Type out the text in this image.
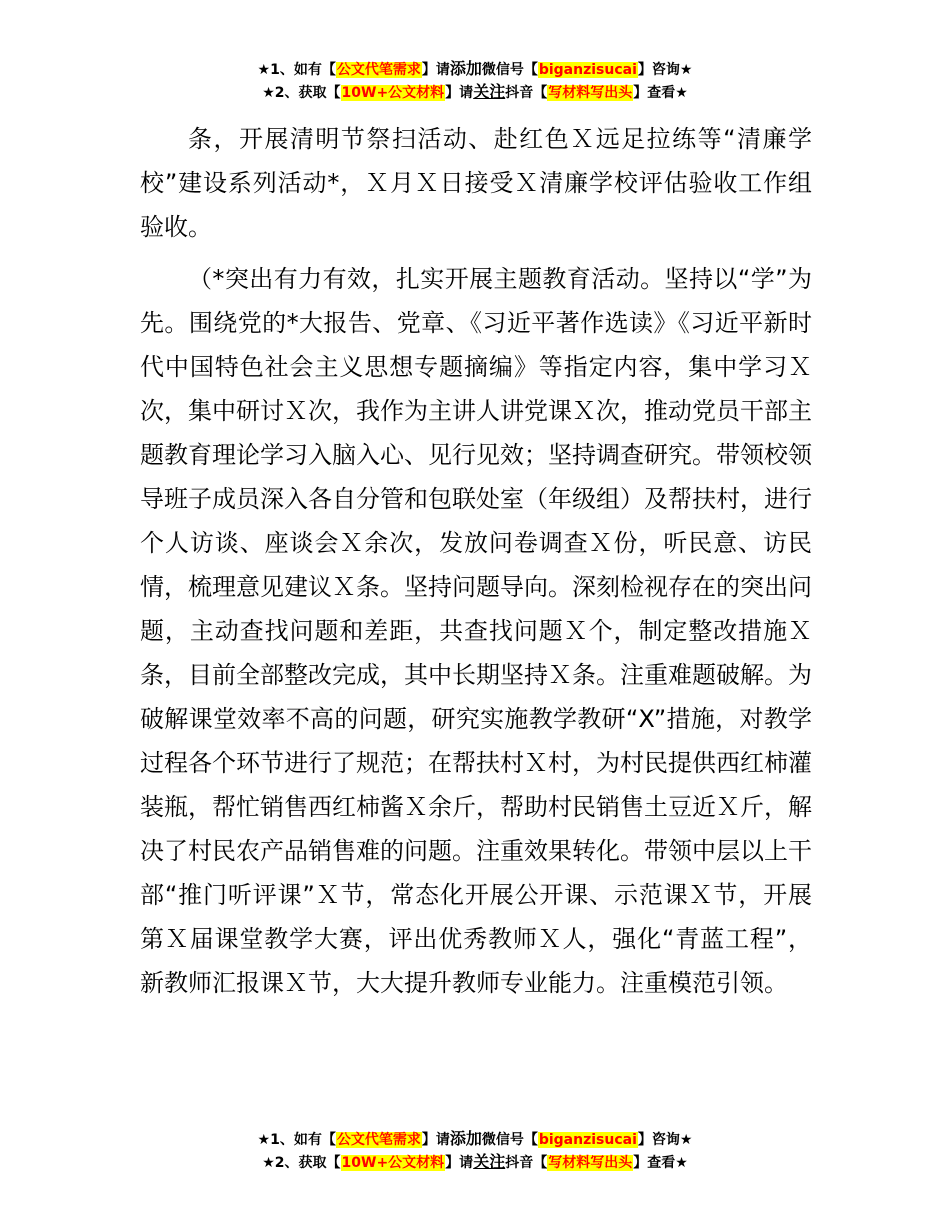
★1、如有【公文代笔需求】请添加微信号【biganzisucai】咨询★
★2、获取【10W+公文材料】请关注抖音【写材料写出头】查看★

条，开展清明节祭扫活动、赴红色Ｘ远足拉练等“清廉学校”建设系列活动*，Ｘ月Ｘ日接受Ｘ清廉学校评估验收工作组验收。

（*突出有力有效，扎实开展主题教育活动。坚持以“学”为先。围绕党的*大报告、党章、《习近平著作选读》《习近平新时代中国特色社会主义思想专题摘编》等指定内容，集中学习Ｘ次，集中研讨Ｘ次，我作为主讲人讲党课Ｘ次，推动党员干部主题教育理论学习入脑入心、见行见效；坚持调查研究。带领校领导班子成员深入各自分管和包联处室（年级组）及帮扶村，进行个人访谈、座谈会Ｘ余次，发放问卷调查Ｘ份，听民意、访民情，梳理意见建议Ｘ条。坚持问题导向。深刻检视存在的突出问题，主动查找问题和差距，共查找问题Ｘ个，制定整改措施Ｘ条，目前全部整改完成，其中长期坚持Ｘ条。注重难题破解。为破解课堂效率不高的问题，研究实施教学教研“X”措施，对教学过程各个环节进行了规范；在帮扶村Ｘ村，为村民提供西红柿灌装瓶，帮忙销售西红柿酱Ｘ余斤，帮助村民销售土豆近Ｘ斤，解决了村民农产品销售难的问题。注重效果转化。带领中层以上干部“推门听评课”Ｘ节，常态化开展公开课、示范课Ｘ节，开展第Ｘ届课堂教学大赛，评出优秀教师Ｘ人，强化“青蓝工程”，新教师汇报课Ｘ节，大大提升教师专业能力。注重模范引领。

★1、如有【公文代笔需求】请添加微信号【biganzisucai】咨询★
★2、获取【10W+公文材料】请关注抖音【写材料写出头】查看★
